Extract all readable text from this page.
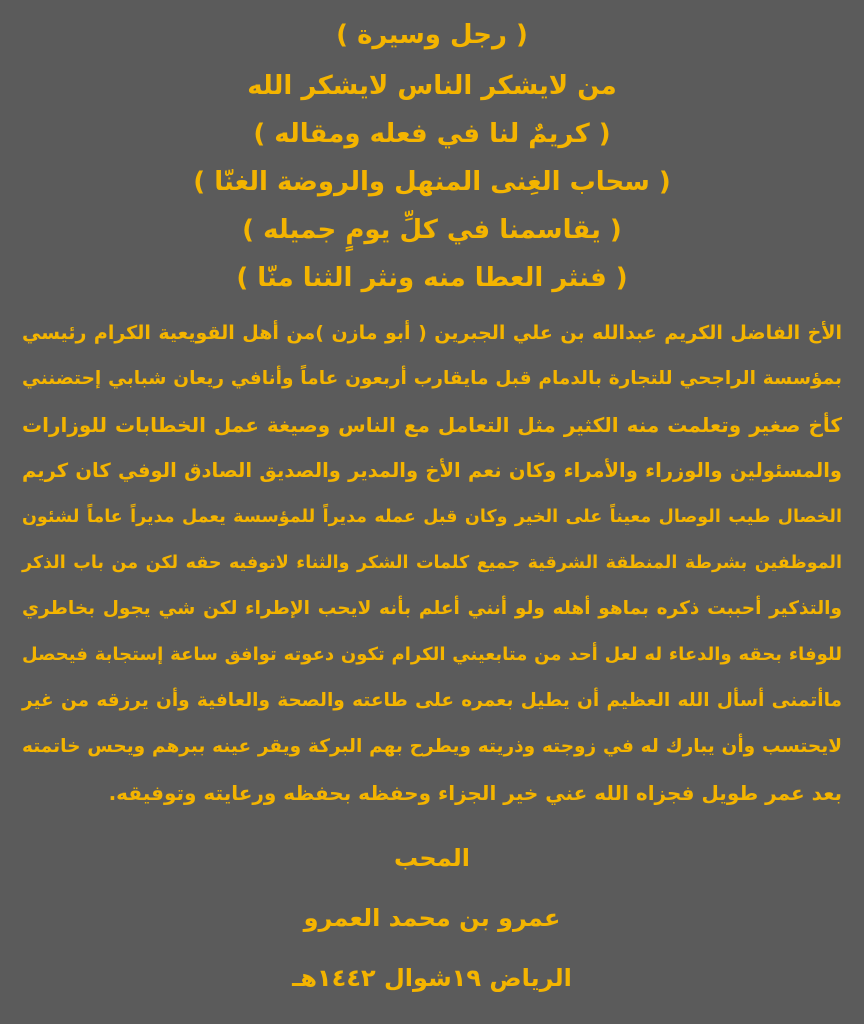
( رجل وسيرة )
من لايشكر الناس لايشكر الله
( كريمٌ لنا في فعله ومقاله )
( سحاب الغِنى المنهل والروضة الغنّا )
( يقاسمنا في كلِّ يومٍ جميله )
( فنثر العطا منه ونثر الثنا منّا )
الأخ الفاضل الكريم عبدالله بن علي الجبرين ( أبو مازن )من أهل القويعية الكرام رئيسي
بمؤسسة الراجحي للتجارة بالدمام قبل مايقارب أربعون عاماً وأنافي ريعان شبابي إحتضنني
كأخ صغير وتعلمت منه الكثير مثل التعامل مع الناس وصيغة عمل الخطابات للوزارات
والمسئولين والوزراء والأمراء وكان نعم الأخ والمدير والصديق الصادق الوفي كان كريم
الخصال طيب الوصال معيناً على الخير وكان قبل عمله مديراً للمؤسسة يعمل مديراً عاماً لشئون
الموظفين بشرطة المنطقة الشرقية جميع كلمات الشكر والثناء لاتوفيه حقه لكن من باب الذكر
والتذكير أحببت ذكره بماهو أهله ولو أنني أعلم بأنه لايحب الإطراء لكن شي يجول بخاطري
للوفاء بحقه والدعاء له لعل أحد من متابعيني الكرام تكون دعوته توافق ساعة إستجابة فيحصل
ماأتمنى أسأل الله العظيم أن يطيل بعمره على طاعته والصحة والعافية وأن يرزقه من غير
لايحتسب وأن يبارك له في زوجته وذريته ويطرح بهم البركة ويقر عينه ببرهم ويحس خاتمته
بعد عمر طويل فجزاه الله عني خير الجزاء وحفظه بحفظه ورعايته وتوفيقه.
المحب
عمرو بن محمد العمرو
الرياض ١٩شوال ١٤٤٢هـ
